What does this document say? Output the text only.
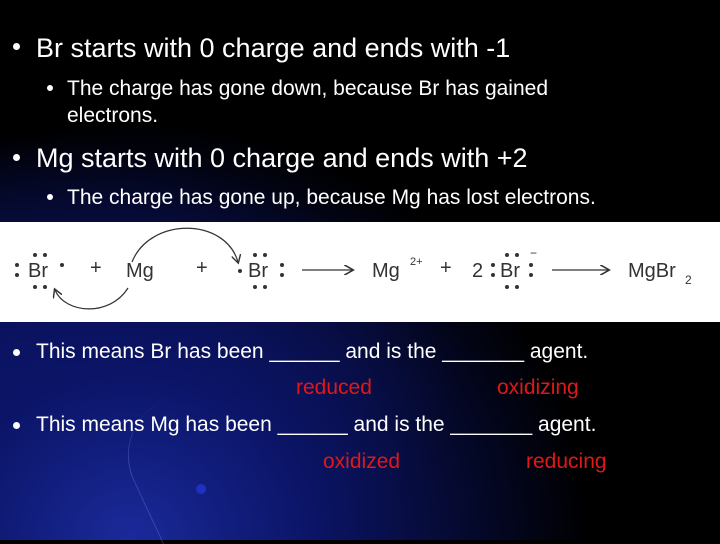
Br starts with 0 charge and ends with -1
The charge has gone down, because Br has gained
electrons.
Mg starts with 0 charge and ends with +2
The charge has gone up, because Mg has lost electrons.
Br + Mg + Br	Mg 2+ + 2 Br
−
MgBr 2
This means Br has been ______ and is the _______ agent.
reduced	oxidizing
This means Mg has been ______ and is the _______ agent.
oxidized	reducing
